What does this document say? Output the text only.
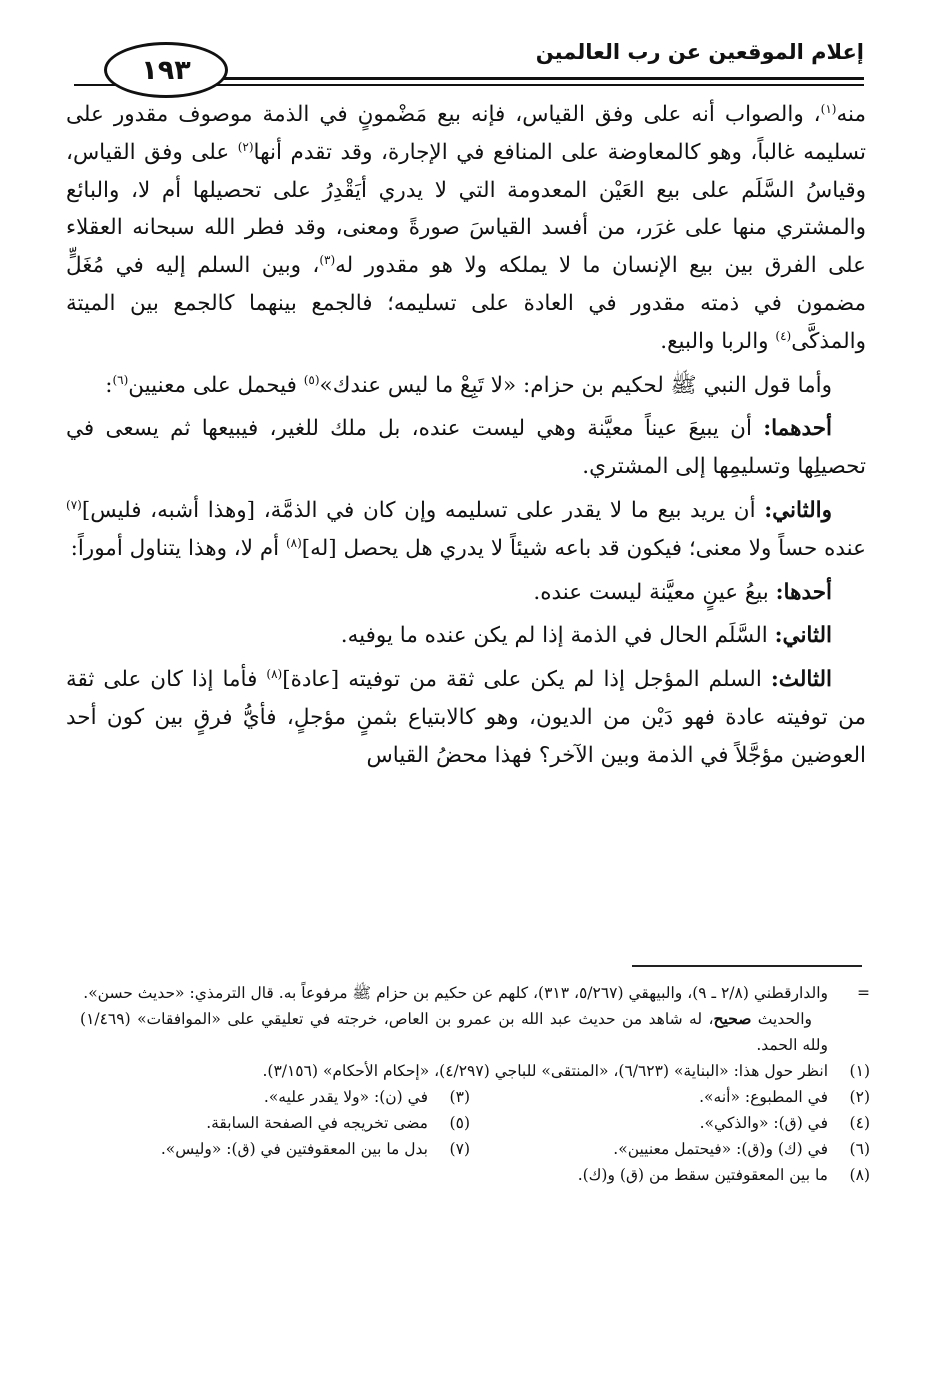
إعلام الموقعين عن رب العالمين
١٩٣

منه$^{(١)}$، والصواب أنه على وفق القياس، فإنه بيع مَضْمونٍ في الذمة موصوف مقدور على تسليمه غالباً، وهو كالمعاوضة على المنافع في الإجارة، وقد تقدم أنها$^{(٢)}$ على وفق القياس، وقياسُ السَّلَم على بيع العَيْن المعدومة التي لا يدري أيَقْدِرُ على تحصيلها أم لا، والبائع والمشتري منها على غرَر، من أفسد القياسَ صورةً ومعنى، وقد فطر الله سبحانه العقلاء على الفرق بين بيع الإنسان ما لا يملكه ولا هو مقدور له$^{(٣)}$، وبين السلم إليه في مُغَلٍّ مضمون في ذمته مقدور في العادة على تسليمه؛ فالجمع بينهما كالجمع بين الميتة والمذكَّى$^{(٤)}$ والربا والبيع.

وأما قول النبي ﷺ لحكيم بن حزام: «لا تَبِعْ ما ليس عندك»$^{(٥)}$ فيحمل على معنيين$^{(٦)}$:

أحدهما: أن يبيعَ عيناً معيَّنة وهي ليست عنده، بل ملك للغير، فيبيعها ثم يسعى في تحصيلِها وتسليمِها إلى المشتري.

والثاني: أن يريد بيع ما لا يقدر على تسليمه وإن كان في الذمَّة، [وهذا أشبه، فليس]$^{(٧)}$ عنده حساً ولا معنى؛ فيكون قد باعه شيئاً لا يدري هل يحصل [له]$^{(٨)}$ أم لا، وهذا يتناول أموراً:

أحدها: بيعُ عينٍ معيَّنة ليست عنده.

الثاني: السَّلَم الحال في الذمة إذا لم يكن عنده ما يوفيه.

الثالث: السلم المؤجل إذا لم يكن على ثقة من توفيته [عادة]$^{(٨)}$ فأما إذا كان على ثقة من توفيته عادة فهو دَيْن من الديون، وهو كالابتياع بثمنٍ مؤجلٍ، فأيُّ فرقٍ بين كون أحد العوضين مؤجَّلاً في الذمة وبين الآخر؟ فهذا محضُ القياس

=
والدارقطني (٢/٨ ـ ٩)، والبيهقي (٥/٢٦٧، ٣١٣)، كلهم عن حكيم بن حزام ﷺ مرفوعاً به. قال الترمذي: «حديث حسن».
والحديث صحيح، له شاهد من حديث عبد الله بن عمرو بن العاص، خرجته في تعليقي على «الموافقات» (١/٤٦٩) ولله الحمد.
(١)
انظر حول هذا: «البناية» (٦/٦٢٣)، «المنتقى» للباجي (٤/٢٩٧)، «إحكام الأحكام» (٣/١٥٦).
(٢)
في المطبوع: «أنه».
(٣)
في (ن): «ولا يقدر عليه».
(٤)
في (ق): «والذكي».
(٥)
مضى تخريجه في الصفحة السابقة.
(٦)
في (ك) و(ق): «فيحتمل معنيين».
(٧)
بدل ما بين المعقوفتين في (ق): «وليس».
(٨)
ما بين المعقوفتين سقط من (ق) و(ك).
